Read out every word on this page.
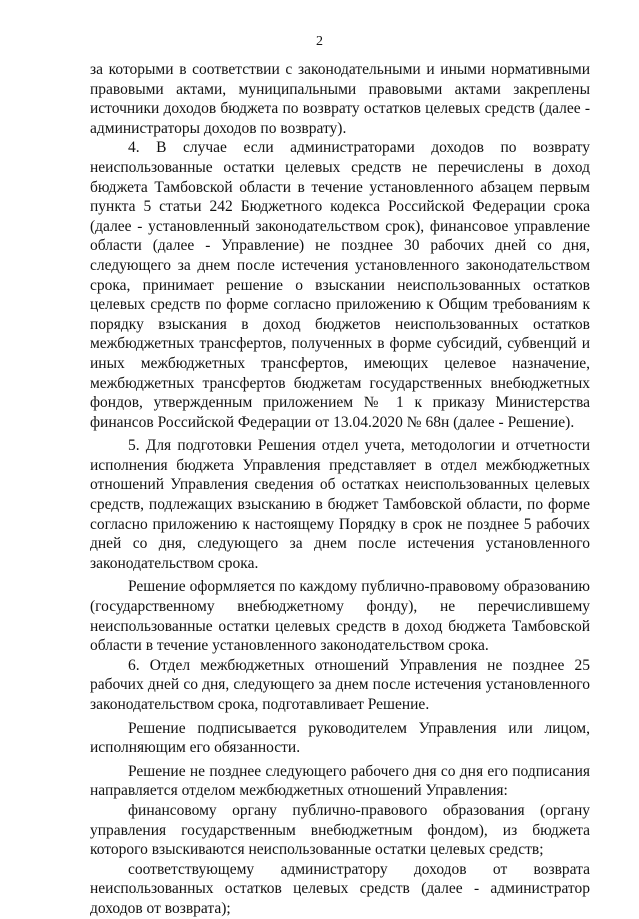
2

за которыми в соответствии с законодательными и иными нормативными правовыми актами, муниципальными правовыми актами закреплены источники доходов бюджета по возврату остатков целевых средств (далее - администраторы доходов по возврату).

4. В случае если администраторами доходов по возврату неиспользованные остатки целевых средств не перечислены в доход бюджета Тамбовской области в течение установленного абзацем первым пункта 5 статьи 242 Бюджетного кодекса Российской Федерации срока (далее - установленный законодательством срок), финансовое управление области (далее - Управление) не позднее 30 рабочих дней со дня, следующего за днем после истечения установленного законодательством срока, принимает решение о взыскании неиспользованных остатков целевых средств по форме согласно приложению к Общим требованиям к порядку взыскания в доход бюджетов неиспользованных остатков межбюджетных трансфертов, полученных в форме субсидий, субвенций и иных межбюджетных трансфертов, имеющих целевое назначение, межбюджетных трансфертов бюджетам государственных внебюджетных фондов, утвержденным приложением № 1 к приказу Министерства финансов Российской Федерации от 13.04.2020 № 68н (далее - Решение).

5. Для подготовки Решения отдел учета, методологии и отчетности исполнения бюджета Управления представляет в отдел межбюджетных отношений Управления сведения об остатках неиспользованных целевых средств, подлежащих взысканию в бюджет Тамбовской области, по форме согласно приложению к настоящему Порядку в срок не позднее 5 рабочих дней со дня, следующего за днем после истечения установленного законодательством срока.

Решение оформляется по каждому публично-правовому образованию (государственному внебюджетному фонду), не перечислившему неиспользованные остатки целевых средств в доход бюджета Тамбовской области в течение установленного законодательством срока.

6. Отдел межбюджетных отношений Управления не позднее 25 рабочих дней со дня, следующего за днем после истечения установленного законодательством срока, подготавливает Решение.

Решение подписывается руководителем Управления или лицом, исполняющим его обязанности.

Решение не позднее следующего рабочего дня со дня его подписания направляется отделом межбюджетных отношений Управления:

финансовому органу публично-правового образования (органу управления государственным внебюджетным фондом), из бюджета которого взыскиваются неиспользованные остатки целевых средств;

соответствующему администратору доходов от возврата неиспользованных остатков целевых средств (далее - администратор доходов от возврата);
